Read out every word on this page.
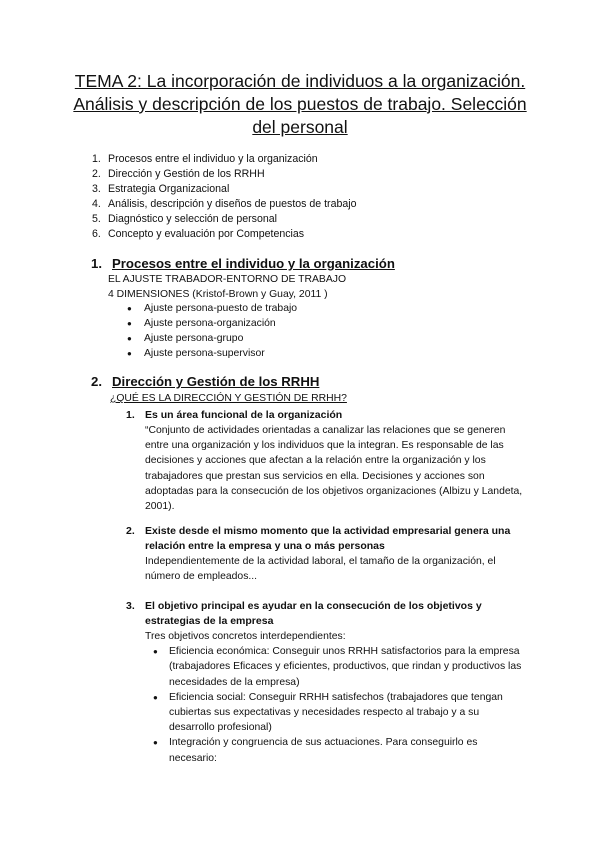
TEMA 2: La incorporación de individuos a la organización. Análisis y descripción de los puestos de trabajo. Selección del personal
1. Procesos entre el individuo y la organización
2. Dirección y Gestión de los RRHH
3. Estrategia Organizacional
4. Análisis, descripción y diseños de puestos de trabajo
5. Diagnóstico y selección de personal
6. Concepto y evaluación por Competencias
1. Procesos entre el individuo y la organización

EL AJUSTE TRABADOR-ENTORNO DE TRABAJO

4 DIMENSIONES (Kristof-Brown y Guay, 2011 )

●	Ajuste persona-puesto de trabajo
●	Ajuste persona-organización
●	Ajuste persona-grupo
●	Ajuste persona-supervisor
2. Dirección y Gestión de los RRHH

¿QUÉ ES LA DIRECCIÓN Y GESTIÓN DE RRHH?

1. Es un área funcional de la organización

“Conjunto de actividades orientadas a canalizar las relaciones que se generen entre una organización y los individuos que la integran. Es responsable de las decisiones y acciones que afectan a la relación entre la organización y los trabajadores que prestan sus servicios en ella. Decisiones y acciones son adoptadas para la consecución de los objetivos organizaciones (Albizu y Landeta, 2001).

2. Existe desde el mismo momento que la actividad empresarial genera una relación entre la empresa y una o más personas

Independientemente de la actividad laboral, el tamaño de la organización, el número de empleados...

3. El objetivo principal es ayudar en la consecución de los objetivos y estrategias de la empresa

Tres objetivos concretos interdependientes:

●	Eficiencia económica: Conseguir unos RRHH satisfactorios para la empresa (trabajadores Eficaces y eficientes, productivos, que rindan y productivos las necesidades de la empresa)
●	Eficiencia social: Conseguir RRHH satisfechos (trabajadores que tengan cubiertas sus expectativas y necesidades respecto al trabajo y a su desarrollo profesional)
●	Integración y congruencia de sus actuaciones. Para conseguirlo es necesario:
